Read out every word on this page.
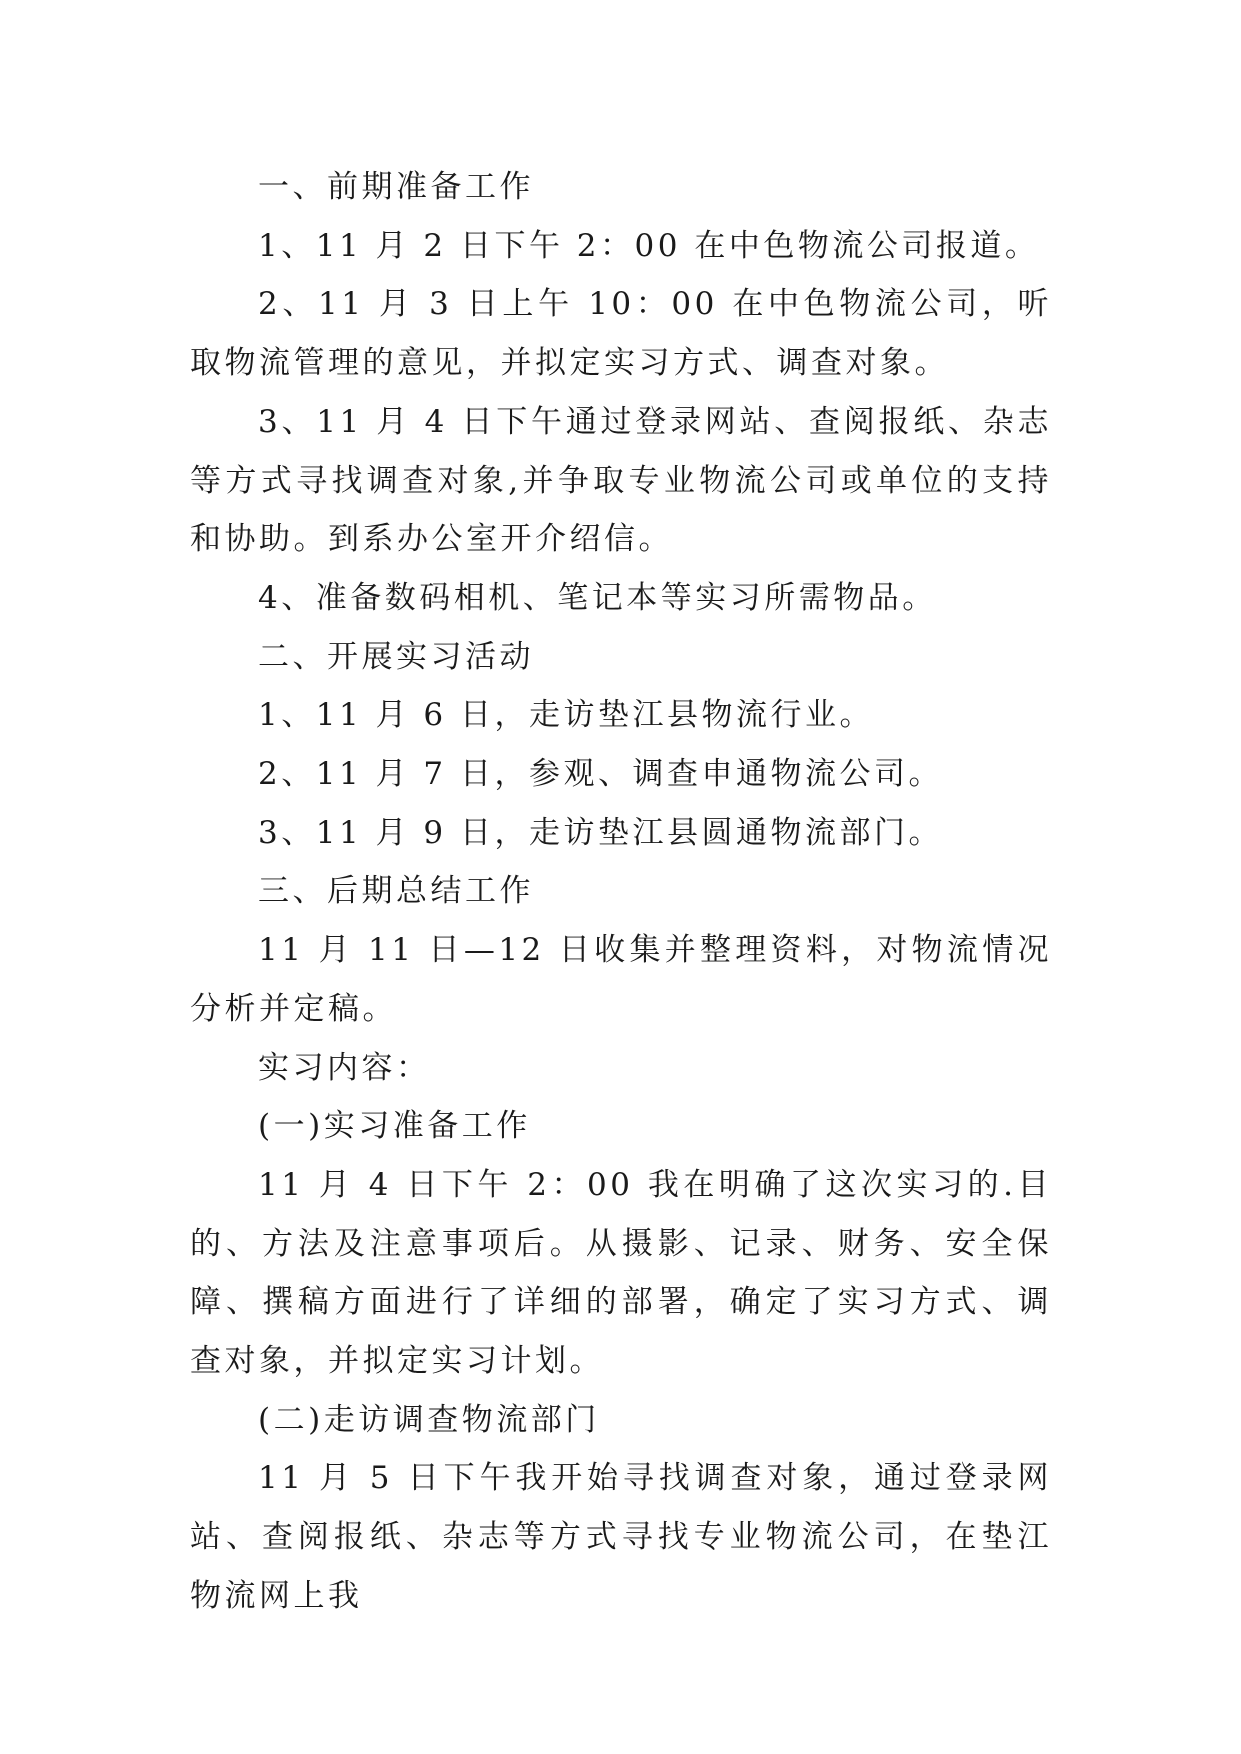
一、前期准备工作

1、11 月 2 日下午 2：00 在中色物流公司报道。

2、11 月 3 日上午 10：00 在中色物流公司，听取物流管理的意见，并拟定实习方式、调查对象。

3、11 月 4 日下午通过登录网站、查阅报纸、杂志等方式寻找调查对象,并争取专业物流公司或单位的支持和协助。到系办公室开介绍信。

4、准备数码相机、笔记本等实习所需物品。

二、开展实习活动

1、11 月 6 日，走访垫江县物流行业。

2、11 月 7 日，参观、调查申通物流公司。

3、11 月 9 日，走访垫江县圆通物流部门。

三、后期总结工作

11 月 11 日—12 日收集并整理资料，对物流情况分析并定稿。

实习内容：

(一)实习准备工作

11 月 4 日下午 2：00 我在明确了这次实习的.目的、方法及注意事项后。从摄影、记录、财务、安全保障、撰稿方面进行了详细的部署，确定了实习方式、调查对象，并拟定实习计划。

(二)走访调查物流部门

11 月 5 日下午我开始寻找调查对象，通过登录网站、查阅报纸、杂志等方式寻找专业物流公司，在垫江物流网上我
